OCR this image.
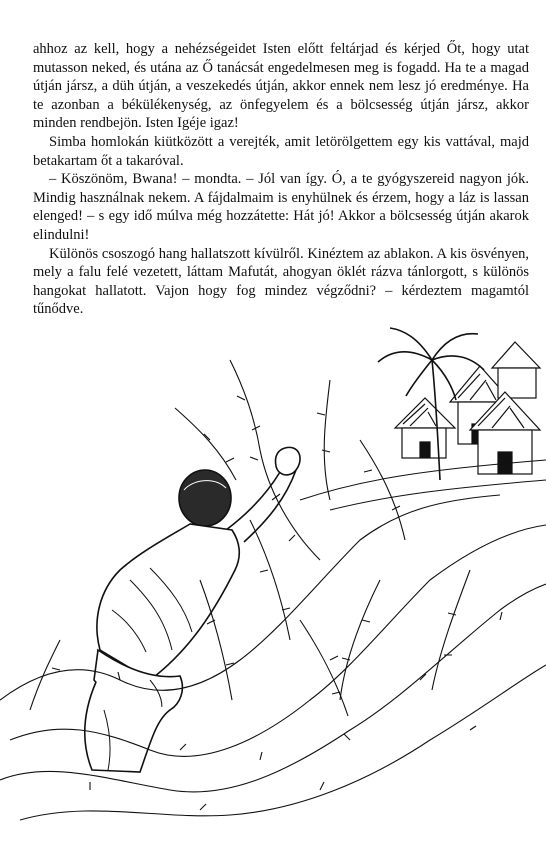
ahhoz az kell, hogy a nehézségeidet Isten előtt feltárjad és kérjed Őt, hogy utat mutasson neked, és utána az Ő tanácsát engedelmesen meg is fogadd. Ha te a magad útján jársz, a düh útján, a veszekedés útján, akkor ennek nem lesz jó eredménye. Ha te azonban a békülékenység, az önfegyelem és a bölcsesség útján jársz, akkor minden rendbejön. Isten Igéje igaz!

Simba homlokán kiütközött a verejték, amit letörölgettem egy kis vattával, majd betakartam őt a takaróval.

– Köszönöm, Bwana! – mondta. – Jól van így. Ó, a te gyógyszereid nagyon jók. Mindig használnak nekem. A fájdalmaim is enyhülnek és érzem, hogy a láz is lassan elenged! – s egy idő múlva még hozzátette: Hát jó! Akkor a bölcsesség útján akarok elindulni!

Különös csoszogó hang hallatszott kívülről. Kinéztem az ablakon. A kis ösvényen, mely a falu felé vezetett, láttam Mafutát, ahogyan öklét rázva tánlorgott, s különös hangokat hallatott. Vajon hogy fog mindez végződni? – kérdeztem magamtól tűnődve.
